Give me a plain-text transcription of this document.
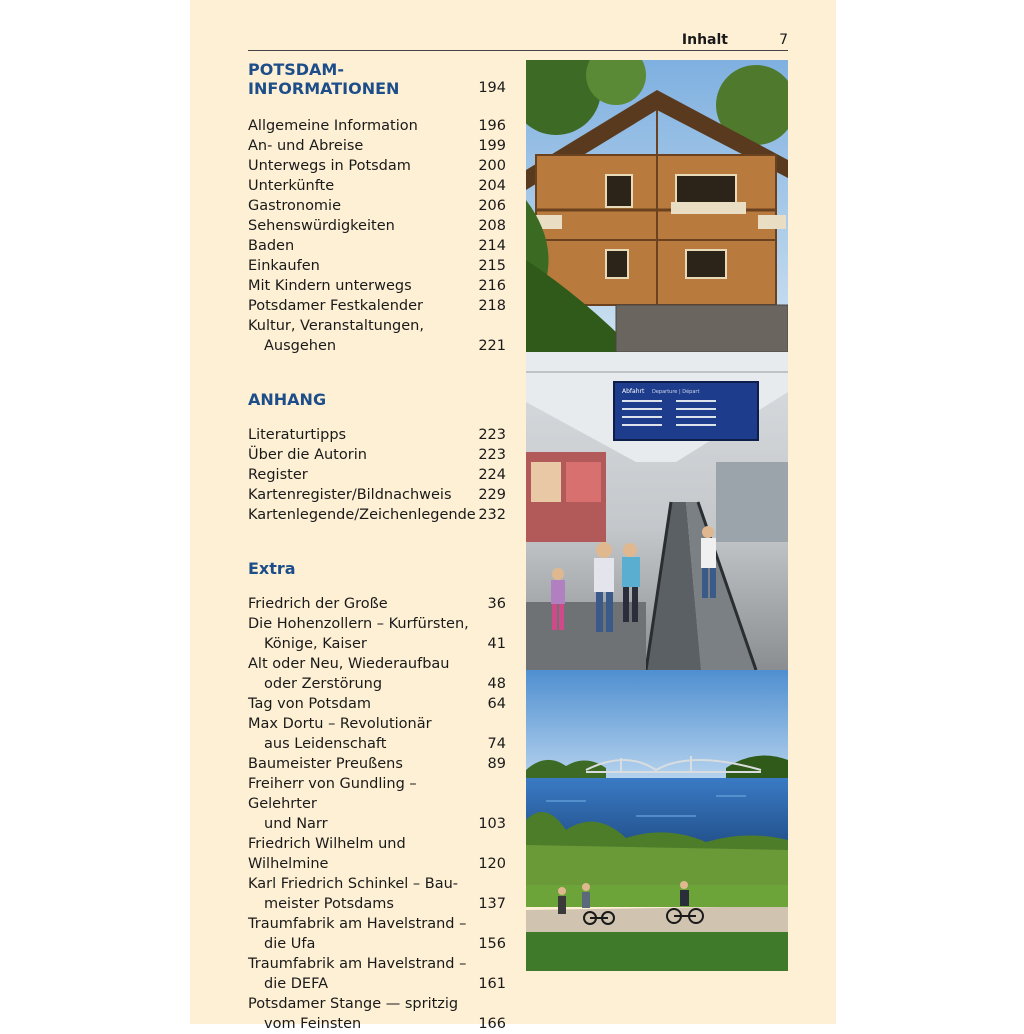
Inhalt	7
POTSDAM-
INFORMATIONEN	194
Allgemeine Information	196
An- und Abreise	199
Unterwegs in Potsdam	200
Unterkünfte	204
Gastronomie	206
Sehenswürdigkeiten	208
Baden	214
Einkaufen	215
Mit Kindern unterwegs	216
Potsdamer Festkalender	218
Kultur, Veranstaltungen,
Ausgehen	221
ANHANG
Literaturtipps	223
Über die Autorin	223
Register	224
Kartenregister/Bildnachweis	229
Kartenlegende/Zeichenlegende 232
Extra
Friedrich der Große	36
Die Hohenzollern – Kurfürsten,
Könige, Kaiser	41
Alt oder Neu, Wiederaufbau
oder Zerstörung	48
Tag von Potsdam	64
Max Dortu – Revolutionär
aus Leidenschaft	74
Baumeister Preußens	89
Freiherr von Gundling – Gelehrter
und Narr	103
Friedrich Wilhelm und Wilhelmine	120
Karl Friedrich Schinkel – Bau-
meister Potsdams	137
Traumfabrik am Havelstrand –
die Ufa	156
Traumfabrik am Havelstrand –
die DEFA	161
Potsdamer Stange — spritzig
vom Feinsten	166
Abfahrt Departure | Départ
